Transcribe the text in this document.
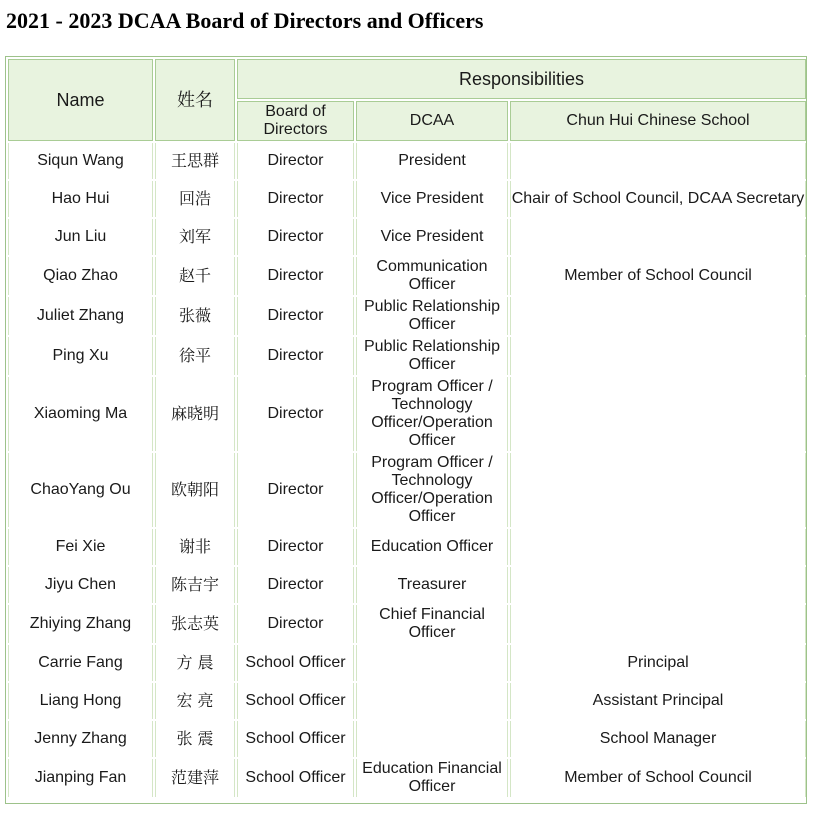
2021 - 2023 DCAA Board of Directors and Officers
Name	姓名	Responsibilities		
		Board of Directors	DCAA	Chun Hui Chinese School
Siqun Wang	王思群	Director	President	
Hao Hui	回浩	Director	Vice President	Chair of School Council, DCAA Secretary
Jun Liu	刘军	Director	Vice President	
Qiao Zhao	赵千	Director	Communication Officer	Member of School Council
Juliet Zhang	张薇	Director	Public Relationship Officer	
Ping Xu	徐平	Director	Public Relationship Officer	
Xiaoming Ma	麻晓明	Director	Program Officer / Technology Officer/Operation Officer	
ChaoYang Ou	欧朝阳	Director	Program Officer / Technology Officer/Operation Officer	
Fei Xie	谢非	Director	Education Officer	
Jiyu Chen	陈吉宇	Director	Treasurer	
Zhiying Zhang	张志英	Director	Chief Financial Officer	
Carrie Fang	方 晨	School Officer		Principal
Liang Hong	宏 亮	School Officer		Assistant Principal
Jenny Zhang	张 震	School Officer		School Manager
Jianping Fan	范建萍	School Officer	Education Financial Officer	Member of School Council
